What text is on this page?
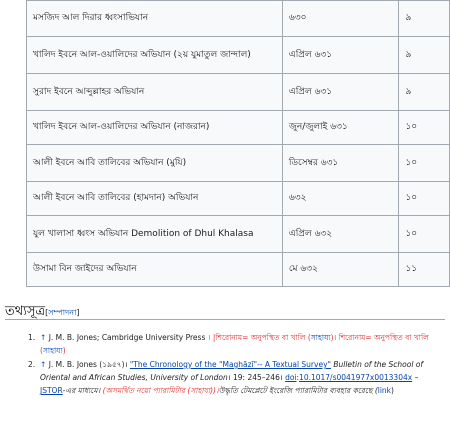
মসজিদ আল দিরার ধ্বংসাভিযান	৬৩০	৯
খালিদ ইবনে আল-ওয়ালিদের অভিযান (২য় যুমাতুল জান্দাল)	এপ্রিল ৬৩১	৯
সুরাদ ইবনে আব্দুল্লাহর অভিযান	এপ্রিল ৬৩১	৯
খালিদ ইবনে আল-ওয়ালিদের অভিযান (নাজরান)	জুন/জুলাই ৬৩১	১০
আলী ইবনে আবি তালিবের অভিযান (মুযি)	ডিসেম্বর ৬৩১	১০
আলী ইবনে আবি তালিবের (হামদান) অভিযান	৬৩২	১০
যুল খালাসা ধ্বংস অভিযান Demolition of Dhul Khalasa	এপ্রিল ৬৩২	১০
উসামা বিন জাইদের অভিযান	মে ৬৩২	১১
তথ্যসূত্র[সম্পাদনা]
1. ↑ J. M. B. Jones; Cambridge University Press । |শিরোনাম= অনুপস্থিত বা খালি (সাহায্য)। শিরোনাম= অনুপস্থিত বা খালি (সাহায্য)
2. ↑ J. M. B. Jones (১৯৫৭)। "The Chronology of the "Maghāzī"-- A Textual Survey" Bulletin of the School of Oriental and African Studies, University of London। 19: 245–246। doi:10.1017/s0041977x0013304x – JSTOR-এর মাধ্যমে। (অসমর্থিত নয়ো প্যারামিটার (সাহায্য))।উদ্ধৃতি টেমপ্লেটে ইংরেজি প্যারামিটার ব্যবহার করেছে (link)
